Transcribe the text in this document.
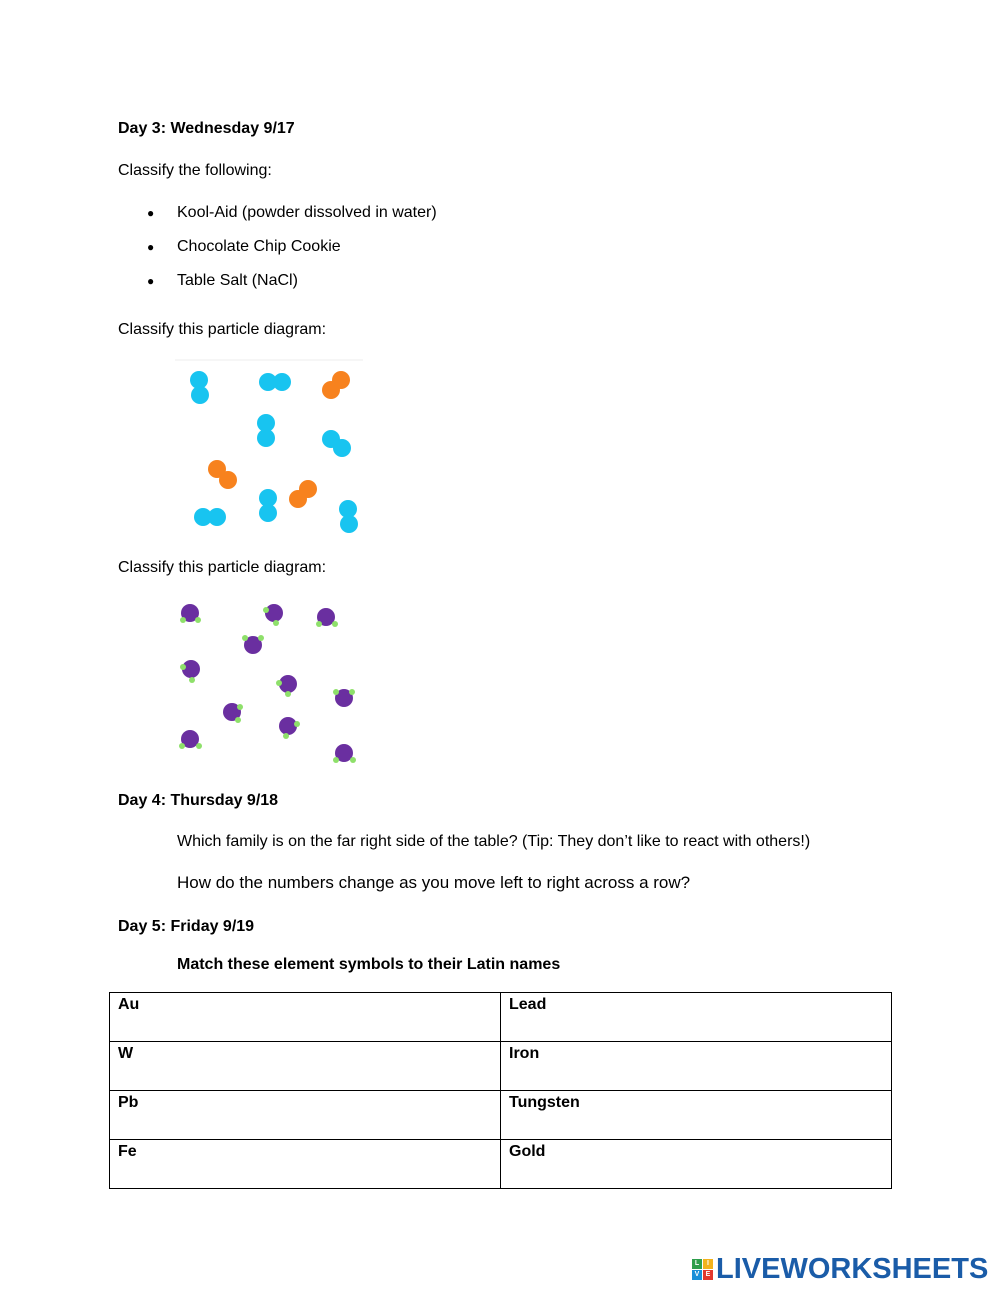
Day 3: Wednesday 9/17
Classify the following:
● Kool-Aid (powder dissolved in water)
● Chocolate Chip Cookie
● Table Salt (NaCl)
Classify this particle diagram:
Classify this particle diagram:
Day 4: Thursday 9/18
Which family is on the far right side of the table? (Tip: They don’t like to react with others!)
How do the numbers change as you move left to right across a row?
Day 5: Friday 9/19
Match these element symbols to their Latin names
Au	Lead
W	Iron
Pb	Tungsten
Fe	Gold
L	I
V E LIVEWORKSHEETS
